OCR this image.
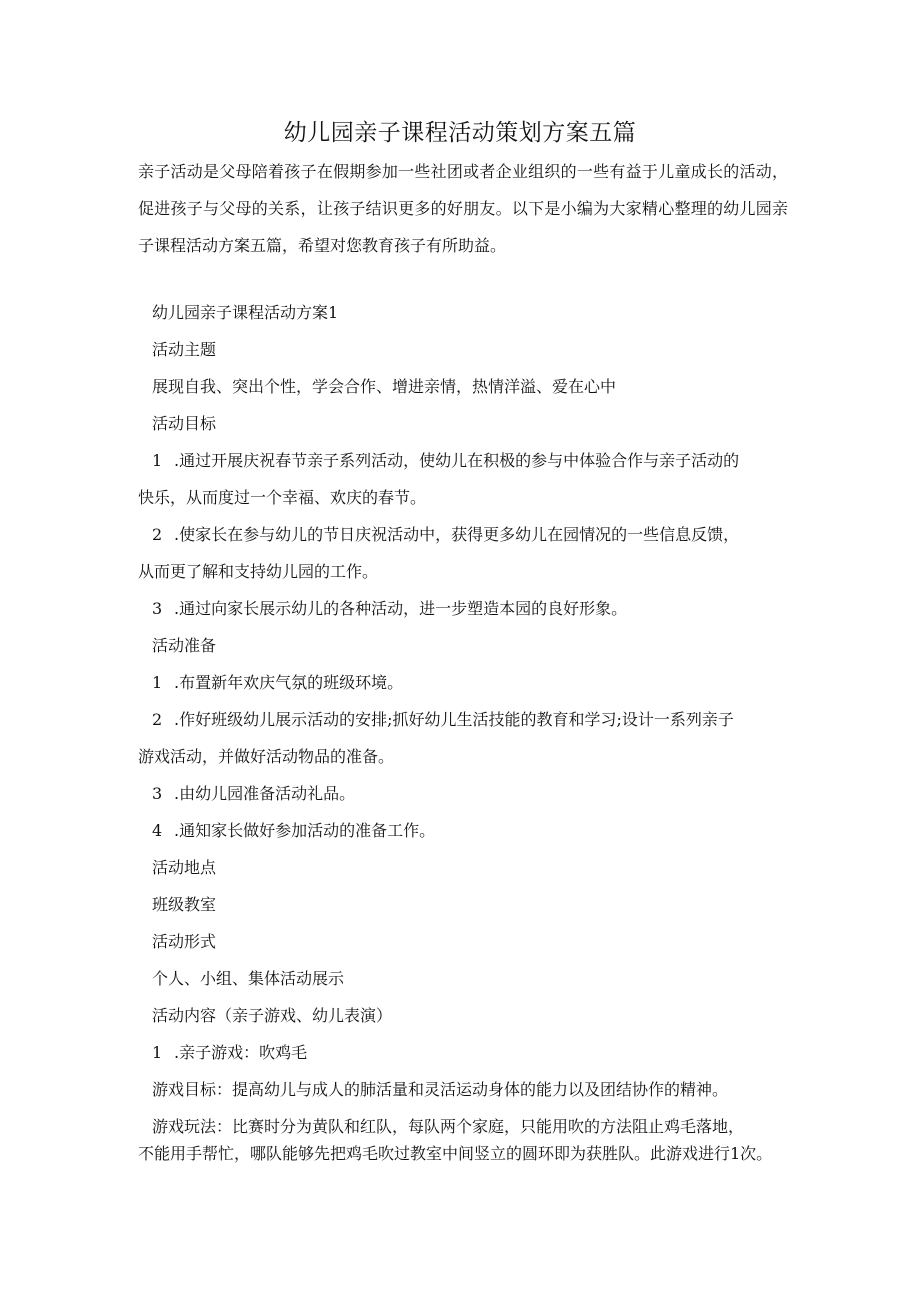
幼儿园亲子课程活动策划方案五篇
亲子活动是父母陪着孩子在假期参加一些社团或者企业组织的一些有益于儿童成长的活动，促进孩子与父母的关系，让孩子结识更多的好朋友。以下是小编为大家精心整理的幼儿园亲子课程活动方案五篇，希望对您教育孩子有所助益。
幼儿园亲子课程活动方案1
活动主题
展现自我、突出个性，学会合作、增进亲情，热情洋溢、爱在心中
活动目标
1 .通过开展庆祝春节亲子系列活动，使幼儿在积极的参与中体验合作与亲子活动的
快乐，从而度过一个幸福、欢庆的春节。
2 .使家长在参与幼儿的节日庆祝活动中，获得更多幼儿在园情况的一些信息反馈，
从而更了解和支持幼儿园的工作。
3 .通过向家长展示幼儿的各种活动，进一步塑造本园的良好形象。
活动准备
1 .布置新年欢庆气氛的班级环境。
2 .作好班级幼儿展示活动的安排;抓好幼儿生活技能的教育和学习;设计一系列亲子
游戏活动，并做好活动物品的准备。
3 .由幼儿园准备活动礼品。
4 .通知家长做好参加活动的准备工作。
活动地点
班级教室
活动形式
个人、小组、集体活动展示
活动内容（亲子游戏、幼儿表演）
1 .亲子游戏：吹鸡毛
游戏目标：提高幼儿与成人的肺活量和灵活运动身体的能力以及团结协作的精神。
游戏玩法：比赛时分为黄队和红队，每队两个家庭，只能用吹的方法阻止鸡毛落地，
不能用手帮忙，哪队能够先把鸡毛吹过教室中间竖立的圆环即为获胜队。此游戏进行1次。
